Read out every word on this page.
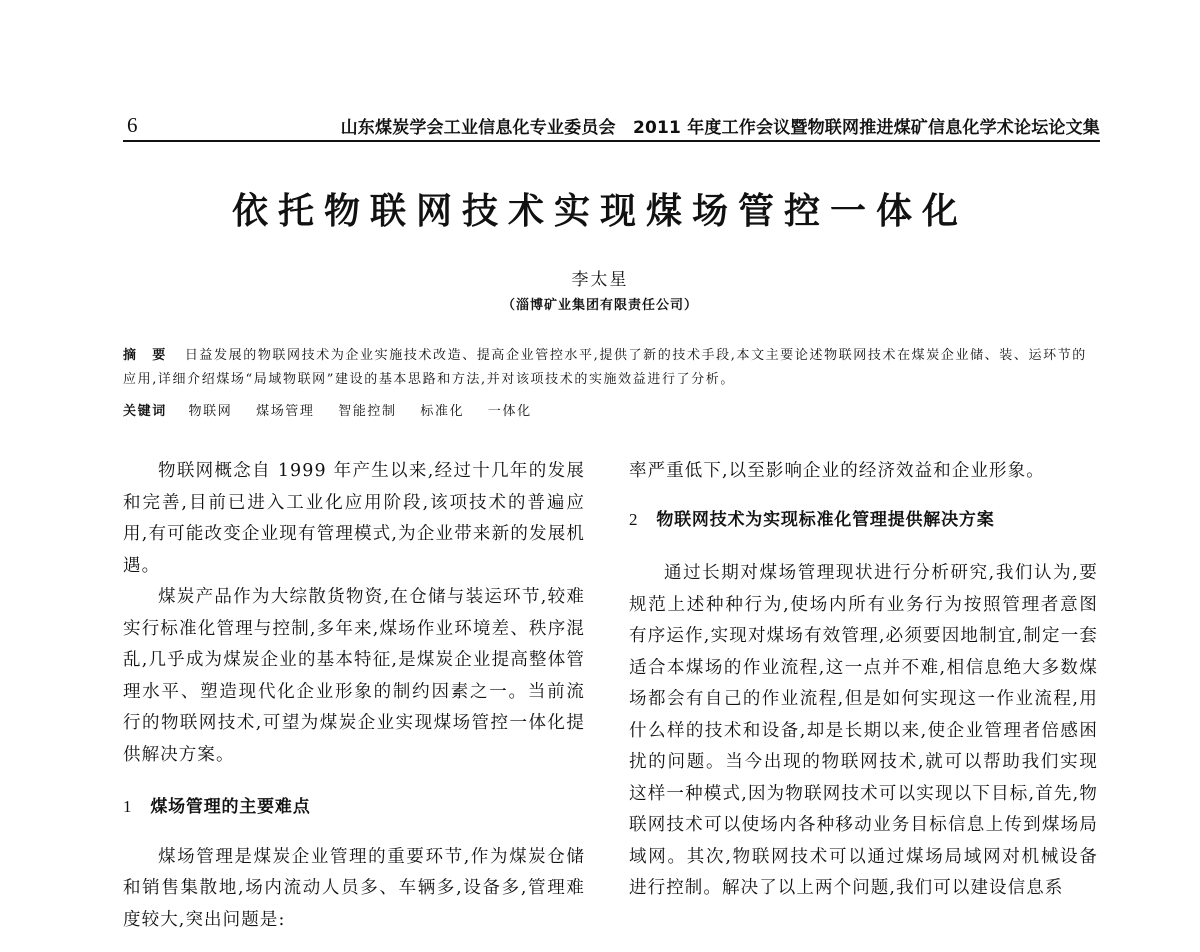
6	山东煤炭学会工业信息化专业委员会　2011 年度工作会议暨物联网推进煤矿信息化学术论坛论文集
依托物联网技术实现煤场管控一体化
李太星
（淄博矿业集团有限责任公司）
摘　要 日益发展的物联网技术为企业实施技术改造、提高企业管控水平,提供了新的技术手段,本文主要论述物联网技术在煤炭企业储、装、运环节的应用,详细介绍煤场“局域物联网”建设的基本思路和方法,并对该项技术的实施效益进行了分析。
关键词 物联网 煤场管理 智能控制 标准化 一体化

物联网概念自 1999 年产生以来,经过十几年的发展和完善,目前已进入工业化应用阶段,该项技术的普遍应用,有可能改变企业现有管理模式,为企业带来新的发展机遇。

煤炭产品作为大综散货物资,在仓储与装运环节,较难实行标准化管理与控制,多年来,煤场作业环境差、秩序混乱,几乎成为煤炭企业的基本特征,是煤炭企业提高整体管理水平、塑造现代化企业形象的制约因素之一。当前流行的物联网技术,可望为煤炭企业实现煤场管控一体化提供解决方案。

1 煤场管理的主要难点

煤场管理是煤炭企业管理的重要环节,作为煤炭仓储和销售集散地,场内流动人员多、车辆多,设备多,管理难度较大,突出问题是:

率严重低下,以至影响企业的经济效益和企业形象。

2 物联网技术为实现标准化管理提供解决方案

通过长期对煤场管理现状进行分析研究,我们认为,要规范上述种种行为,使场内所有业务行为按照管理者意图有序运作,实现对煤场有效管理,必须要因地制宜,制定一套适合本煤场的作业流程,这一点并不难,相信息绝大多数煤场都会有自己的作业流程,但是如何实现这一作业流程,用什么样的技术和设备,却是长期以来,使企业管理者倍感困扰的问题。当今出现的物联网技术,就可以帮助我们实现这样一种模式,因为物联网技术可以实现以下目标,首先,物联网技术可以使场内各种移动业务目标信息上传到煤场局域网。其次,物联网技术可以通过煤场局域网对机械设备进行控制。解决了以上两个问题,我们可以建设信息系
